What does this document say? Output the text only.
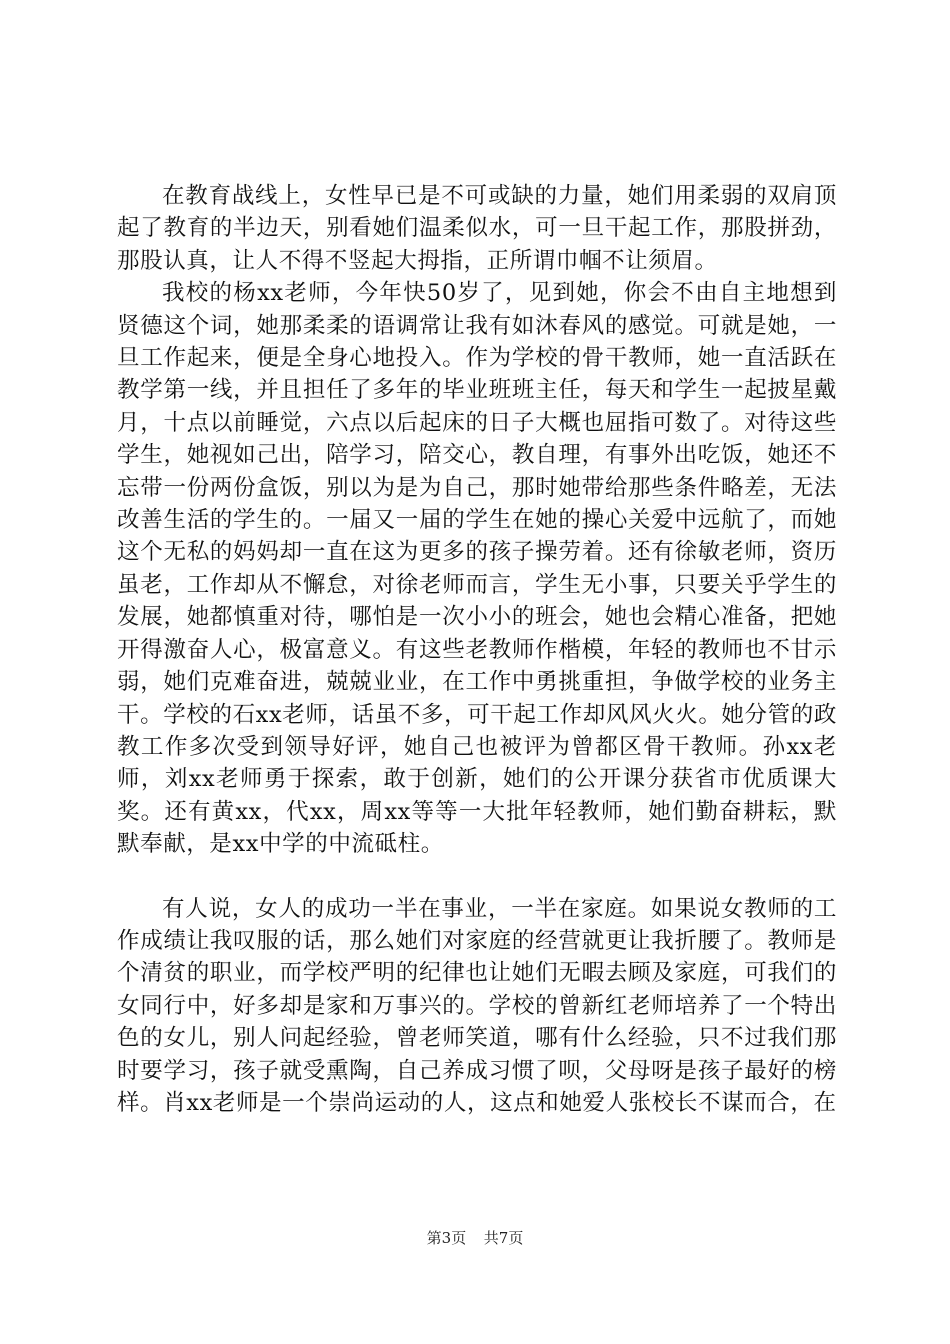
在教育战线上，女性早已是不可或缺的力量，她们用柔弱的双肩顶起了教育的半边天，别看她们温柔似水，可一旦干起工作，那股拼劲，那股认真，让人不得不竖起大拇指，正所谓巾帼不让须眉。

我校的杨xx老师，今年快50岁了，见到她，你会不由自主地想到贤德这个词，她那柔柔的语调常让我有如沐春风的感觉。可就是她，一旦工作起来，便是全身心地投入。作为学校的骨干教师，她一直活跃在教学第一线，并且担任了多年的毕业班班主任，每天和学生一起披星戴月，十点以前睡觉，六点以后起床的日子大概也屈指可数了。对待这些学生，她视如己出，陪学习，陪交心，教自理，有事外出吃饭，她还不忘带一份两份盒饭，别以为是为自己，那时她带给那些条件略差，无法改善生活的学生的。一届又一届的学生在她的操心关爱中远航了，而她这个无私的妈妈却一直在这为更多的孩子操劳着。还有徐敏老师，资历虽老，工作却从不懈怠，对徐老师而言，学生无小事，只要关乎学生的发展，她都慎重对待，哪怕是一次小小的班会，她也会精心准备，把她开得激奋人心，极富意义。有这些老教师作楷模，年轻的教师也不甘示弱，她们克难奋进，兢兢业业，在工作中勇挑重担，争做学校的业务主干。学校的石xx老师，话虽不多，可干起工作却风风火火。她分管的政教工作多次受到领导好评，她自己也被评为曾都区骨干教师。孙xx老师，刘xx老师勇于探索，敢于创新，她们的公开课分获省市优质课大奖。还有黄xx，代xx，周xx等等一大批年轻教师，她们勤奋耕耘，默默奉献，是xx中学的中流砥柱。

有人说，女人的成功一半在事业，一半在家庭。如果说女教师的工作成绩让我叹服的话，那么她们对家庭的经营就更让我折腰了。教师是个清贫的职业，而学校严明的纪律也让她们无暇去顾及家庭，可我们的女同行中，好多却是家和万事兴的。学校的曾新红老师培养了一个特出色的女儿，别人问起经验，曾老师笑道，哪有什么经验，只不过我们那时要学习，孩子就受熏陶，自己养成习惯了呗，父母呀是孩子最好的榜样。肖xx老师是一个崇尚运动的人，这点和她爱人张校长不谋而合，在

第3页 共7页
